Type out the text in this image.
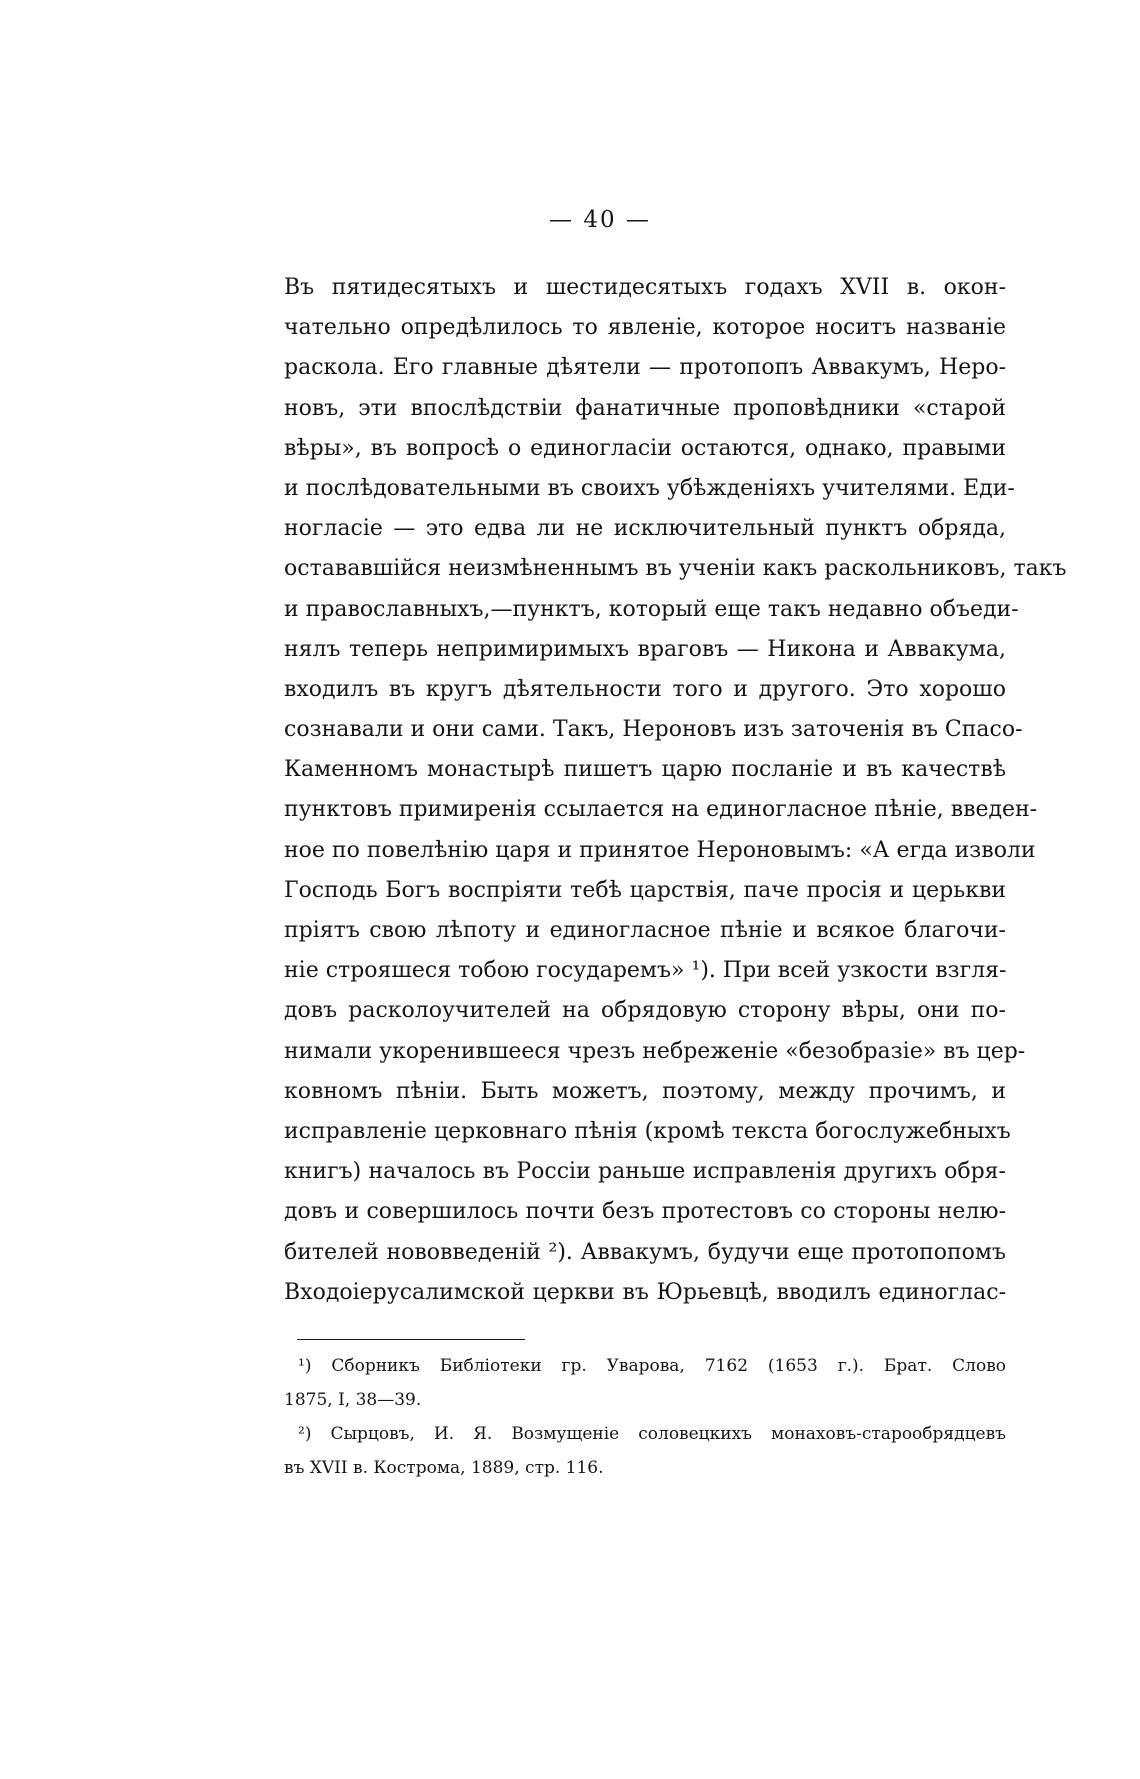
— 40 —
Въ пятидесятыхъ и шестидесятыхъ годахъ XVII в. окон-
чательно опредѣлилось то явленіе, которое носитъ названіе
раскола. Его главные дѣятели — протопопъ Аввакумъ, Неро-
новъ, эти впослѣдствіи фанатичные проповѣдники «старой
вѣры», въ вопросѣ о единогласіи остаются, однако, правыми
и послѣдовательными въ своихъ убѣжденіяхъ учителями. Еди-
ногласіе — это едва ли не исключительный пунктъ обряда,
остававшійся неизмѣненнымъ въ ученіи какъ раскольниковъ, такъ
и православныхъ,—пунктъ, который еще такъ недавно объеди-
нялъ теперь непримиримыхъ враговъ — Никона и Аввакума,
входилъ въ кругъ дѣятельности того и другого. Это хорошо
сознавали и они сами. Такъ, Нероновъ изъ заточенія въ Спасо-
Каменномъ монастырѣ пишетъ царю посланіе и въ качествѣ
пунктовъ примиренія ссылается на единогласное пѣніе, введен-
ное по повелѣнію царя и принятое Нероновымъ: «А егда изволи
Господь Богъ воспріяти тебѣ царствія, паче просія и церькви
пріятъ свою лѣпоту и единогласное пѣніе и всякое благочи-
ніе строяшеся тобою государемъ» ¹). При всей узкости взгля-
довъ расколоучителей на обрядовую сторону вѣры, они по-
нимали укоренившееся чрезъ небреженіе «безобразіе» въ цер-
ковномъ пѣніи. Быть можетъ, поэтому, между прочимъ, и
исправленіе церковнаго пѣнія (кромѣ текста богослужебныхъ
книгъ) началось въ Россіи раньше исправленія другихъ обря-
довъ и совершилось почти безъ протестовъ со стороны нелю-
бителей нововведеній ²). Аввакумъ, будучи еще протопопомъ
Входоіерусалимской церкви въ Юрьевцѣ, вводилъ единоглас-
¹) Сборникъ Библіотеки гр. Уварова, 7162 (1653 г.). Брат. Слово
1875, I, 38—39.
²) Сырцовъ, И. Я. Возмущеніе соловецкихъ монаховъ-старообрядцевъ
въ XVII в. Кострома, 1889, стр. 116.
